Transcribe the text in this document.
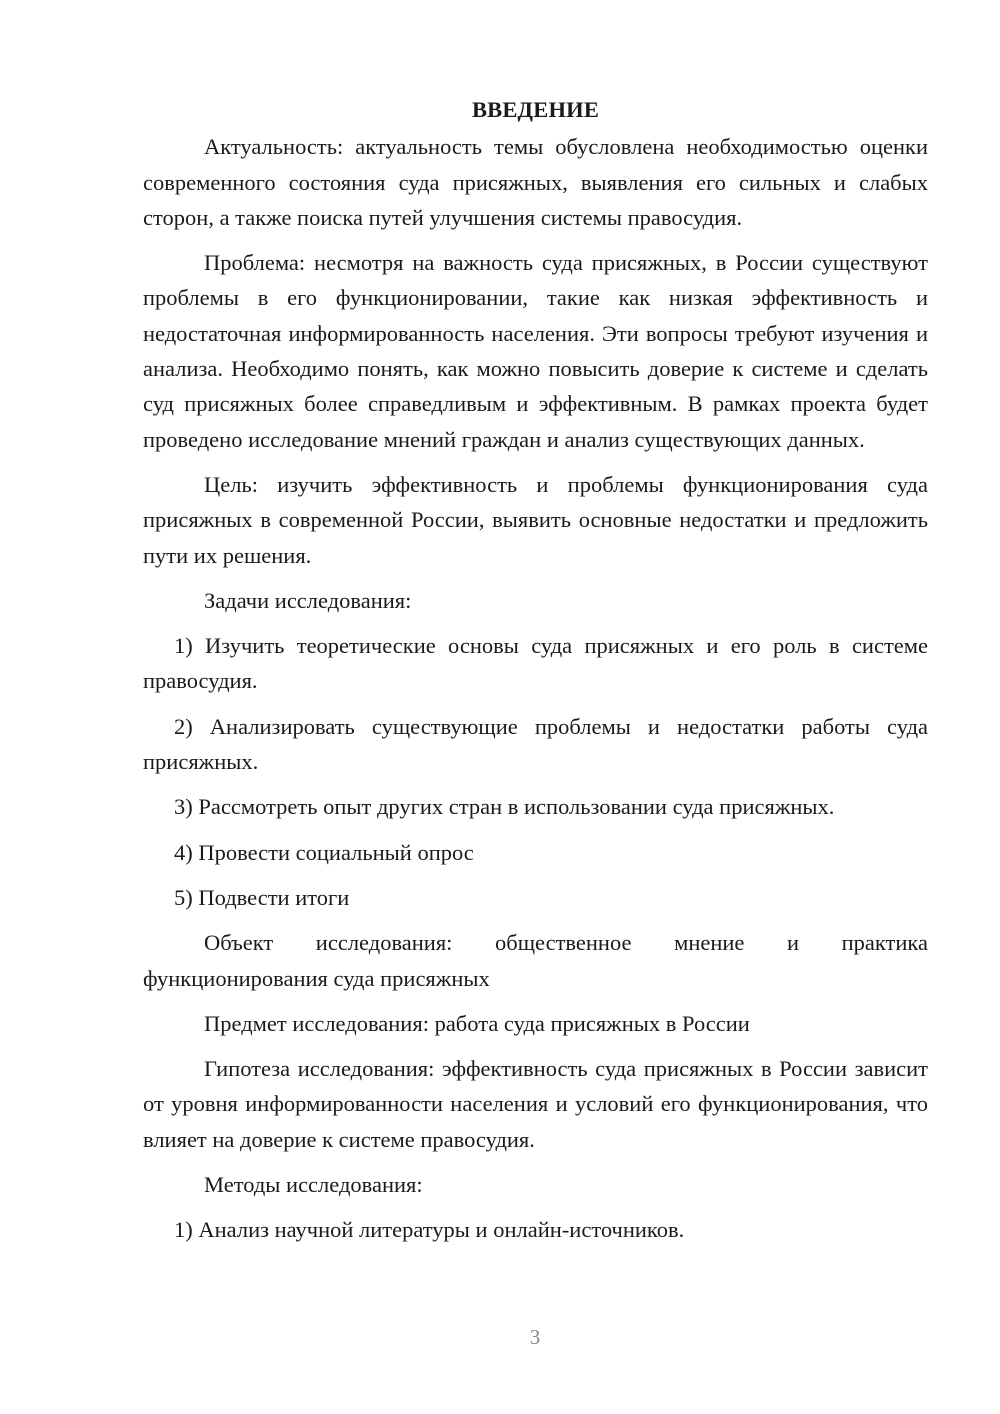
ВВЕДЕНИЕ

Актуальность: актуальность темы обусловлена необходимостью оценки современного состояния суда присяжных, выявления его сильных и слабых сторон, а также поиска путей улучшения системы правосудия.

Проблема: несмотря на важность суда присяжных, в России существуют проблемы в его функционировании, такие как низкая эффективность и недостаточная информированность населения. Эти вопросы требуют изучения и анализа. Необходимо понять, как можно повысить доверие к системе и сделать суд присяжных более справедливым и эффективным. В рамках проекта будет проведено исследование мнений граждан и анализ существующих данных.

Цель: изучить эффективность и проблемы функционирования суда присяжных в современной России, выявить основные недостатки и предложить пути их решения.

Задачи исследования:

1) Изучить теоретические основы суда присяжных и его роль в системе правосудия.

2) Анализировать существующие проблемы и недостатки работы суда присяжных.

3) Рассмотреть опыт других стран в использовании суда присяжных.

4) Провести социальный опрос

5) Подвести итоги

Объект исследования: общественное мнение и практика функционирования суда присяжных

Предмет исследования: работа суда присяжных в России

Гипотеза исследования: эффективность суда присяжных в России зависит от уровня информированности населения и условий его функционирования, что влияет на доверие к системе правосудия.

Методы исследования:

1) Анализ научной литературы и онлайн-источников.

3
